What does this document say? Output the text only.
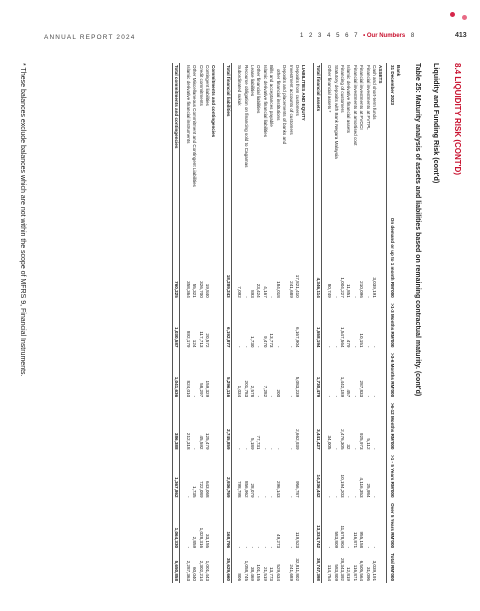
ANNUAL REPORT 2024	1 2 3 4 5 6 7 • Our Numbers 8	413
8.4 LIQUIDITY RISK (CONT'D)
Liquidity and Funding Risk (cont'd)
Table 25: Maturity analysis of assets and liabilities based on remaining contractual maturity. (cont'd)
Bank
31 December 2023	On demand or up to 1 month RM'000	>1-3 Months RM'000	>3-6 Months RM'000	>6-12 Months RM'000	>1 - 5 Years RM'000	Over 5 Years RM'000	Total RM'000
ASSETS							
Cash and short-term funds	3,039,191	-	-	-	-	-	3,039,191
Financial investments at FVTPL	-	-	-	5,112	25,984	-	31,096
Financial investments at FVOCI	210,096	10,151	287,833	925,973	4,116,353	955,158	6,505,564
Financial investments at amortised cost	-	-	-	-	-	116,871	116,871
Islamic derivative financial assets	11,851	479	457	32	-	-	12,819
Financing of customers	1,004,227	1,547,564	1,442,189	2,476,305	10,194,203	11,678,904	28,343,392
Statutory deposits with Bank Negara Malaysia	-	-	-	-	-	583,809	583,809
Other financial assets *	80,749	-	-	34,005	-	-	114,754

Total financial assets	4,346,114	1,558,194	1,730,479	3,441,427	14,336,442	13,334,742	38,747,398

LIABILITIES AND EQUITY							
Deposits from customers	17,821,410	6,167,904	5,083,239	2,662,939	956,787	119,523	32,811,802
Investment accounts of customers	241,689	-	-	-	-	-	241,689
Deposits and placements of banks and							
other financial institutions	184,018	-	200	-	296,143	49,273	529,634
Bills and acceptances payable	-	13,773	-	-	-	-	13,773
Islamic derivative financial liabilities	4,167	9,470	7,282	-	-	-	21,519
Other financial liabilities	23,424	-	-	77,731	-	-	101,155
Lease liabilities	893	1,730	2,578	5,189	28,079	-	38,469
Recourse obligation on financing sold to Cagamas	-	-	201,783	-	856,962	-	1,058,745
Subordinated sukuk	7,092	-	1,034	-	798,798	-	806

Total financial liabilities	18,289,243	6,192,877	5,296,116	2,745,859	2,936,769	168,796	35,629,660

Commitments and contingencies							
Contingent liabilities	19,840	20,572	159,329	125,479	643,068	33,155	1,001,443
Credit commitments	326,700	117,713	58,297	45,592	722,089	1,028,316	2,302,214
Other Miscellaneous Commitment and Contingent Liabilities	55,321	124	-	-	1,735	2,859	60,040
Islamic derivative financial instruments	358,364	892,179	824,010	212,318	-	-	2,287,363

Total commitments and contingencies	760,225	1,030,587	1,041,636	386,388	1,367,862	1,064,330	5,650,858
* These balances exclude balances which are not within the scope of MFRS 9, Financial Instruments.
